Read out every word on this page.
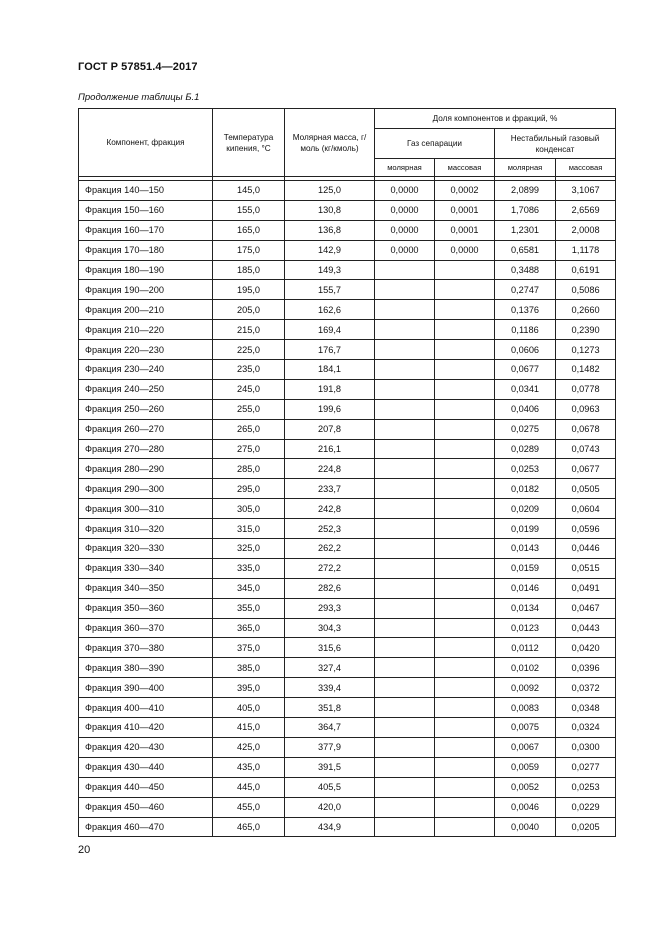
ГОСТ Р 57851.4—2017
Продолжение таблицы Б.1
Компонент, фракция	Температура кипения, °С	Молярная масса, г/моль (кг/кмоль)	Доля компонентов и фракций, %			
			Газ сепарации		Нестабильный газовый конденсат	
			молярная	массовая	молярная	массовая

Фракция 140—150	145,0	125,0	0,0000	0,0002	2,0899	3,1067
Фракция 150—160	155,0	130,8	0,0000	0,0001	1,7086	2,6569
Фракция 160—170	165,0	136,8	0,0000	0,0001	1,2301	2,0008
Фракция 170—180	175,0	142,9	0,0000	0,0000	0,6581	1,1178
Фракция 180—190	185,0	149,3			0,3488	0,6191
Фракция 190—200	195,0	155,7			0,2747	0,5086
Фракция 200—210	205,0	162,6			0,1376	0,2660
Фракция 210—220	215,0	169,4			0,1186	0,2390
Фракция 220—230	225,0	176,7			0,0606	0,1273
Фракция 230—240	235,0	184,1			0,0677	0,1482
Фракция 240—250	245,0	191,8			0,0341	0,0778
Фракция 250—260	255,0	199,6			0,0406	0,0963
Фракция 260—270	265,0	207,8			0,0275	0,0678
Фракция 270—280	275,0	216,1			0,0289	0,0743
Фракция 280—290	285,0	224,8			0,0253	0,0677
Фракция 290—300	295,0	233,7			0,0182	0,0505
Фракция 300—310	305,0	242,8			0,0209	0,0604
Фракция 310—320	315,0	252,3			0,0199	0,0596
Фракция 320—330	325,0	262,2			0,0143	0,0446
Фракция 330—340	335,0	272,2			0,0159	0,0515
Фракция 340—350	345,0	282,6			0,0146	0,0491
Фракция 350—360	355,0	293,3			0,0134	0,0467
Фракция 360—370	365,0	304,3			0,0123	0,0443
Фракция 370—380	375,0	315,6			0,0112	0,0420
Фракция 380—390	385,0	327,4			0,0102	0,0396
Фракция 390—400	395,0	339,4			0,0092	0,0372
Фракция 400—410	405,0	351,8			0,0083	0,0348
Фракция 410—420	415,0	364,7			0,0075	0,0324
Фракция 420—430	425,0	377,9			0,0067	0,0300
Фракция 430—440	435,0	391,5			0,0059	0,0277
Фракция 440—450	445,0	405,5			0,0052	0,0253
Фракция 450—460	455,0	420,0			0,0046	0,0229
Фракция 460—470	465,0	434,9			0,0040	0,0205
20
